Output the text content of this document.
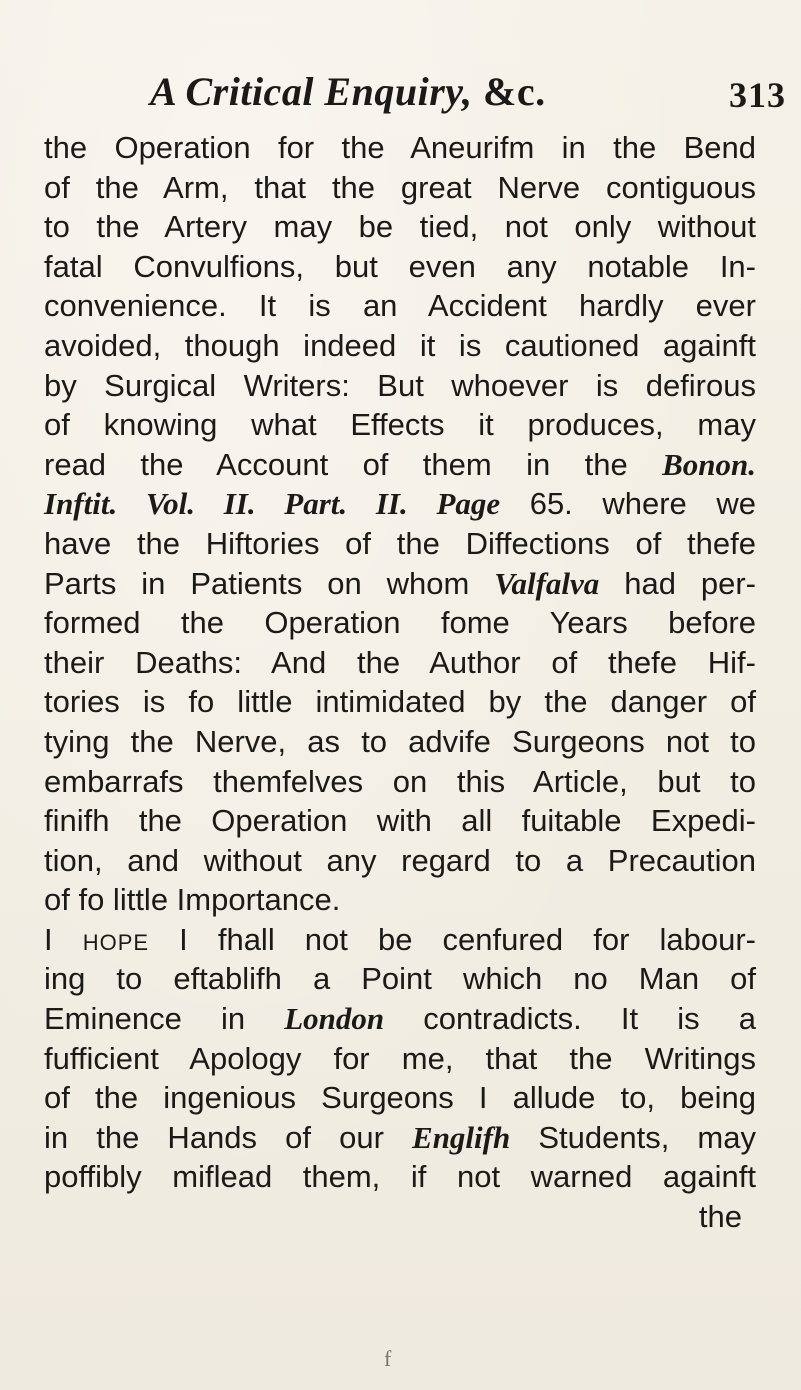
A Critical Enquiry, &c.	313
the Operation for the Aneurifm in the Bend
of the Arm, that the great Nerve contiguous
to the Artery may be tied, not only without
fatal Convulfions, but even any notable In-
convenience. It is an Accident hardly ever
avoided, though indeed it is cautioned againft
by Surgical Writers: But whoever is defirous
of knowing what Effects it produces, may
read the Account of them in the Bonon.
Inftit. Vol. II. Part. II. Page 65. where we
have the Hiftories of the Diffections of thefe
Parts in Patients on whom Valfalva had per-
formed the Operation fome Years before
their Deaths: And the Author of thefe Hif-
tories is fo little intimidated by the danger of
tying the Nerve, as to advife Surgeons not to
embarrafs themfelves on this Article, but to
finifh the Operation with all fuitable Expedi-
tion, and without any regard to a Precaution
of fo little Importance.
I hope I fhall not be cenfured for labour-
ing to eftablifh a Point which no Man of
Eminence in London contradicts. It is a
fufficient Apology for me, that the Writings
of the ingenious Surgeons I allude to, being
in the Hands of our Englifh Students, may
poffibly miflead them, if not warned againft
the
f
